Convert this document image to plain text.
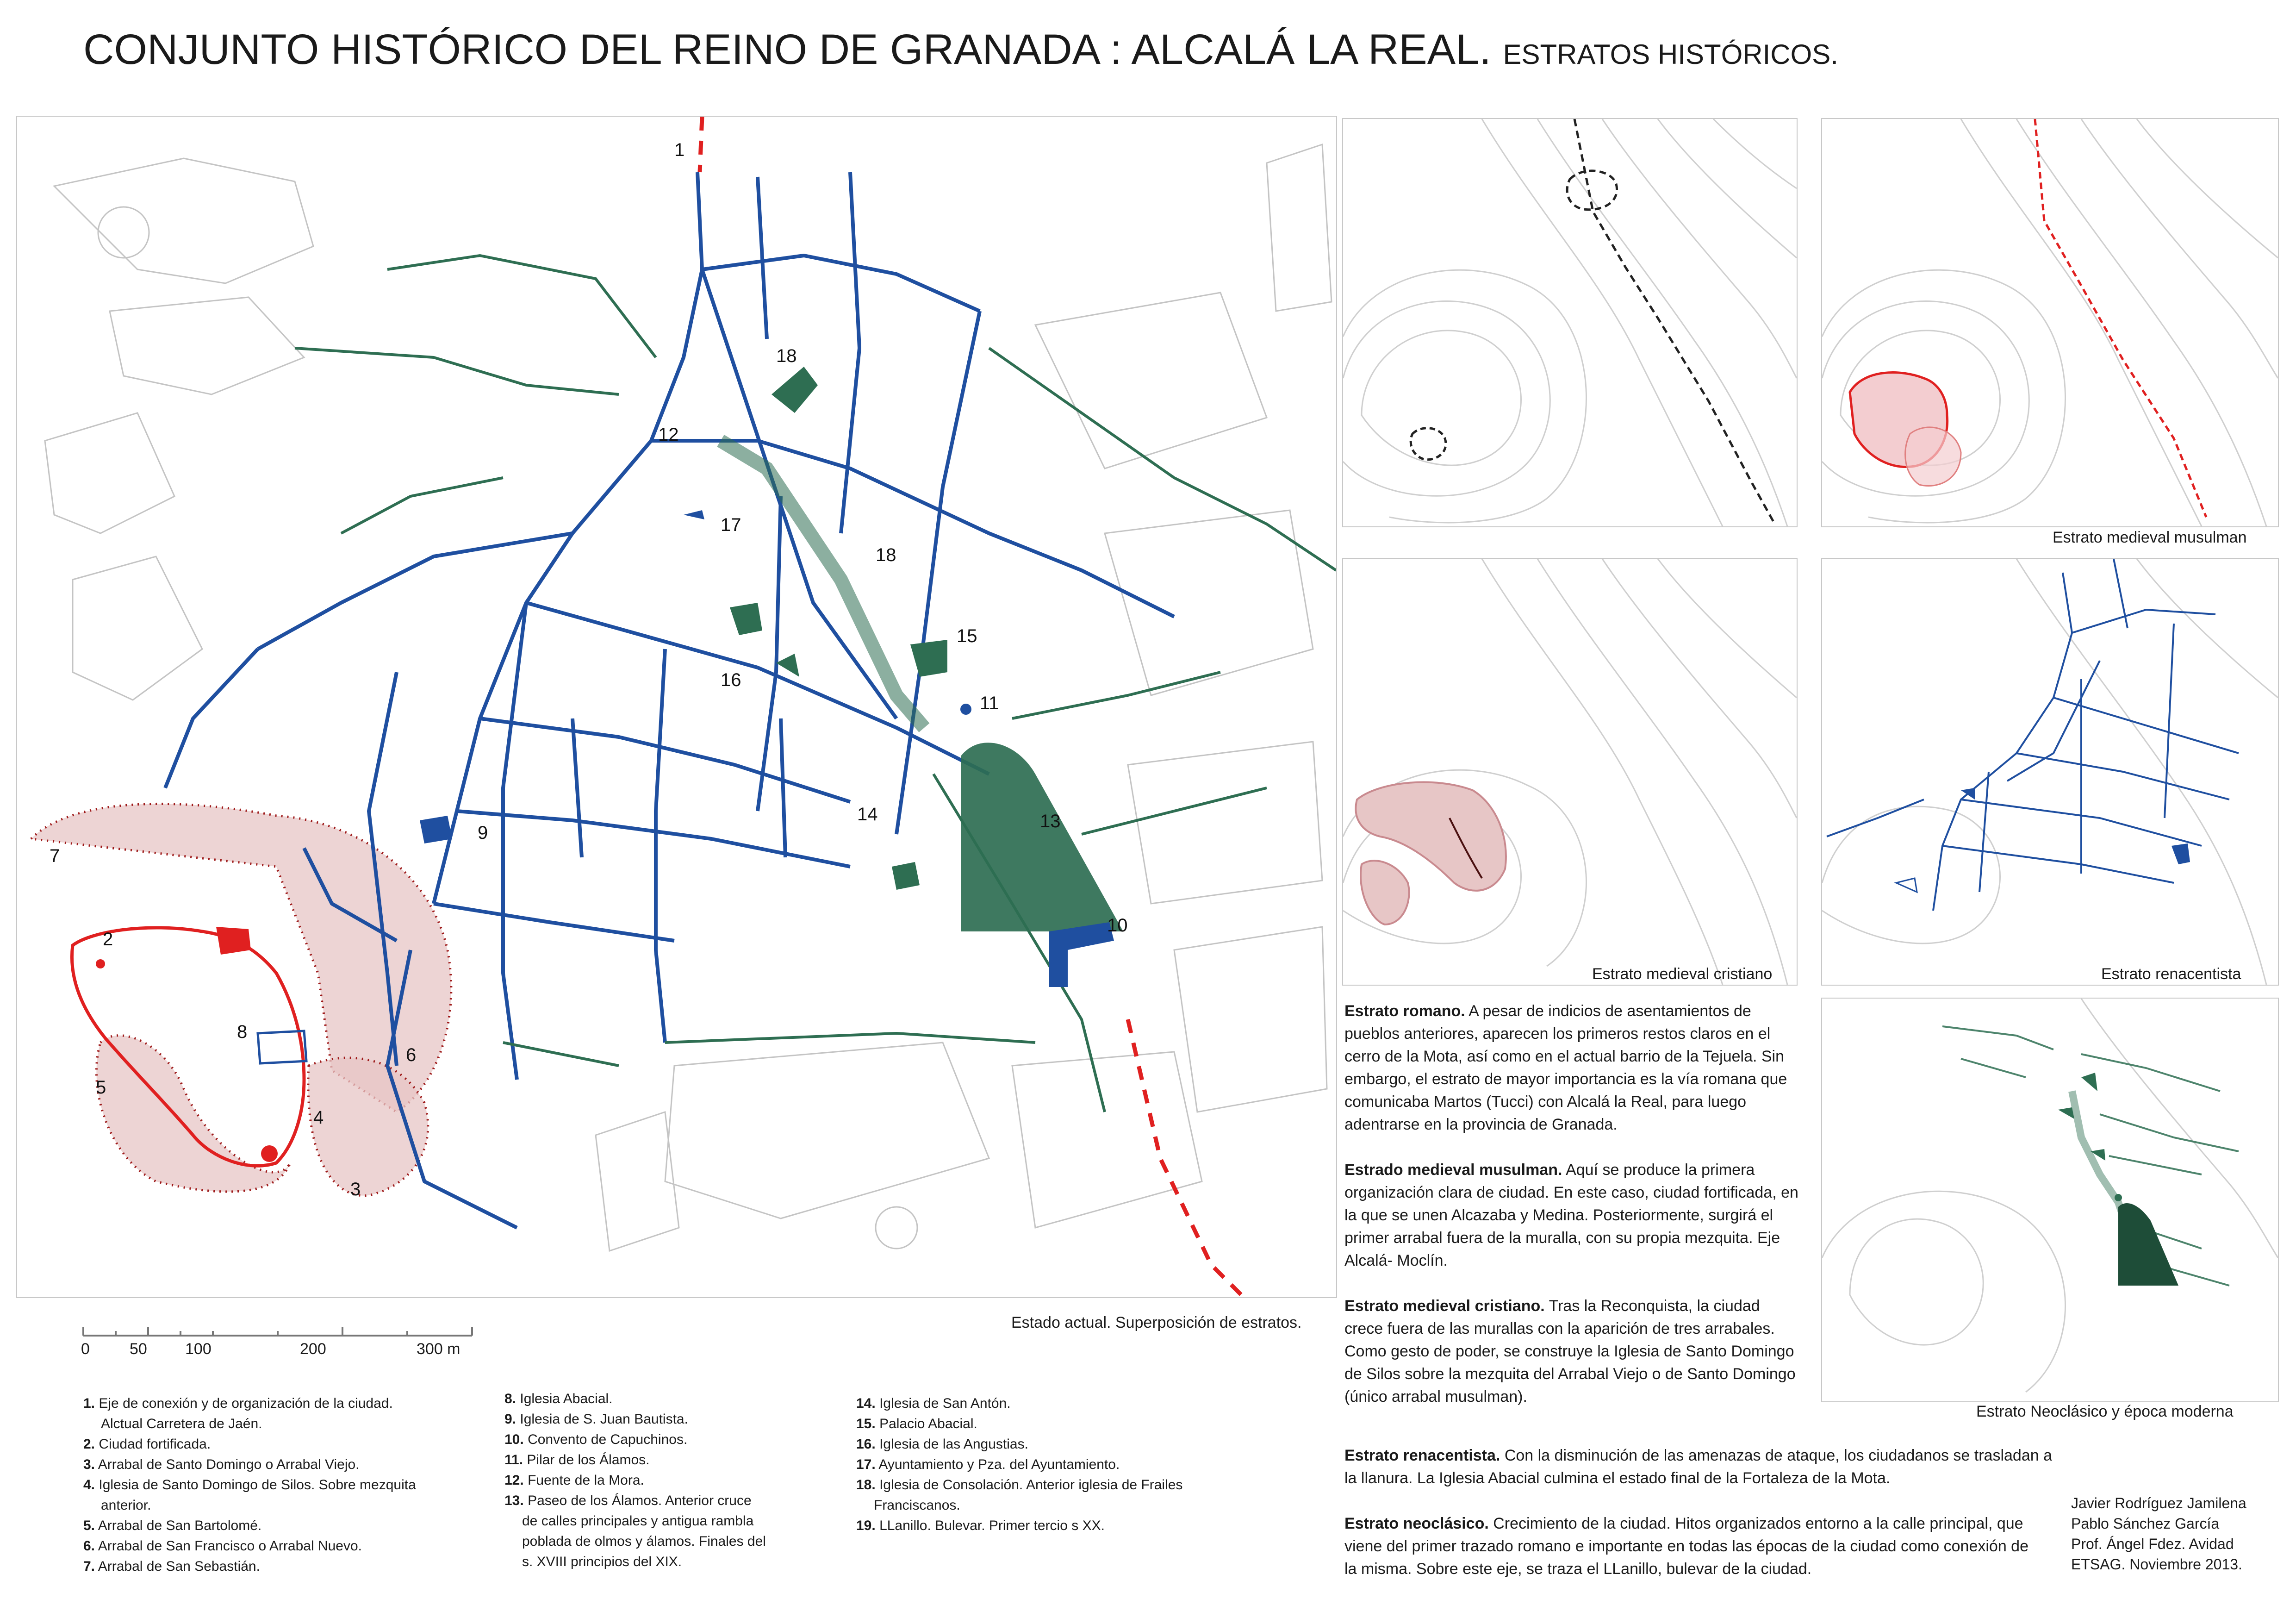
CONJUNTO HISTÓRICO DEL REINO DE GRANADA : ALCALÁ LA REAL. ESTRATOS HISTÓRICOS.
1
2
3
4
5
6
7
8
9
10
11
12
13
14
15
16
17
18
18
Estado actual. Superposición de estratos.
0	50 100	200	300 m
1. Eje de conexión y de organización de la ciudad.
Alctual Carretera de Jaén.
2. Ciudad fortificada.
3. Arrabal de Santo Domingo o Arrabal Viejo.
4. Iglesia de Santo Domingo de Silos. Sobre mezquita
anterior.
5. Arrabal de San Bartolomé.
6. Arrabal de San Francisco o Arrabal Nuevo.
7. Arrabal de San Sebastián.
8. Iglesia Abacial.
9. Iglesia de S. Juan Bautista.
10. Convento de Capuchinos.
11. Pilar de los Álamos.
12. Fuente de la Mora.
13. Paseo de los Álamos. Anterior cruce
de calles principales y antigua rambla
poblada de olmos y álamos. Finales del
s. XVIII principios del XIX.
14. Iglesia de San Antón.
15. Palacio Abacial.
16. Iglesia de las Angustias.
17. Ayuntamiento y Pza. del Ayuntamiento.
18. Iglesia de Consolación. Anterior iglesia de Frailes
Franciscanos.
19. LLanillo. Bulevar. Primer tercio s XX.
Estrato medieval musulman
Estrato medieval cristiano	Estrato renacentista
Estrato Neoclásico y época moderna

Estrato romano. A pesar de indicios de asentamientos de pueblos anteriores, aparecen los primeros restos claros en el cerro de la Mota, así como en el actual barrio de la Tejuela. Sin embargo, el estrato de mayor importancia es la vía romana que comunicaba Martos (Tucci) con Alcalá la Real, para luego adentrarse en la provincia de Granada.

Estrado medieval musulman. Aquí se produce la primera organización clara de ciudad. En este caso, ciudad fortificada, en la que se unen Alcazaba y Medina. Posteriormente, surgirá el primer arrabal fuera de la muralla, con su propia mezquita. Eje Alcalá- Moclín.

Estrato medieval cristiano. Tras la Reconquista, la ciudad crece fuera de las murallas con la aparición de tres arrabales. Como gesto de poder, se construye la Iglesia de Santo Domingo de Silos sobre la mezquita del Arrabal Viejo o de Santo Domingo (único arrabal musulman).

Estrato renacentista. Con la disminución de las amenazas de ataque, los ciudadanos se trasladan a la llanura. La Iglesia Abacial culmina el estado final de la Fortaleza de la Mota.

Estrato neoclásico. Crecimiento de la ciudad. Hitos organizados entorno a la calle principal, que viene del primer trazado romano e importante en todas las épocas de la ciudad como conexión de la misma. Sobre este eje, se traza el LLanillo, bulevar de la ciudad.

Javier Rodríguez Jamilena
Pablo Sánchez García
Prof. Ángel Fdez. Avidad
ETSAG. Noviembre 2013.
